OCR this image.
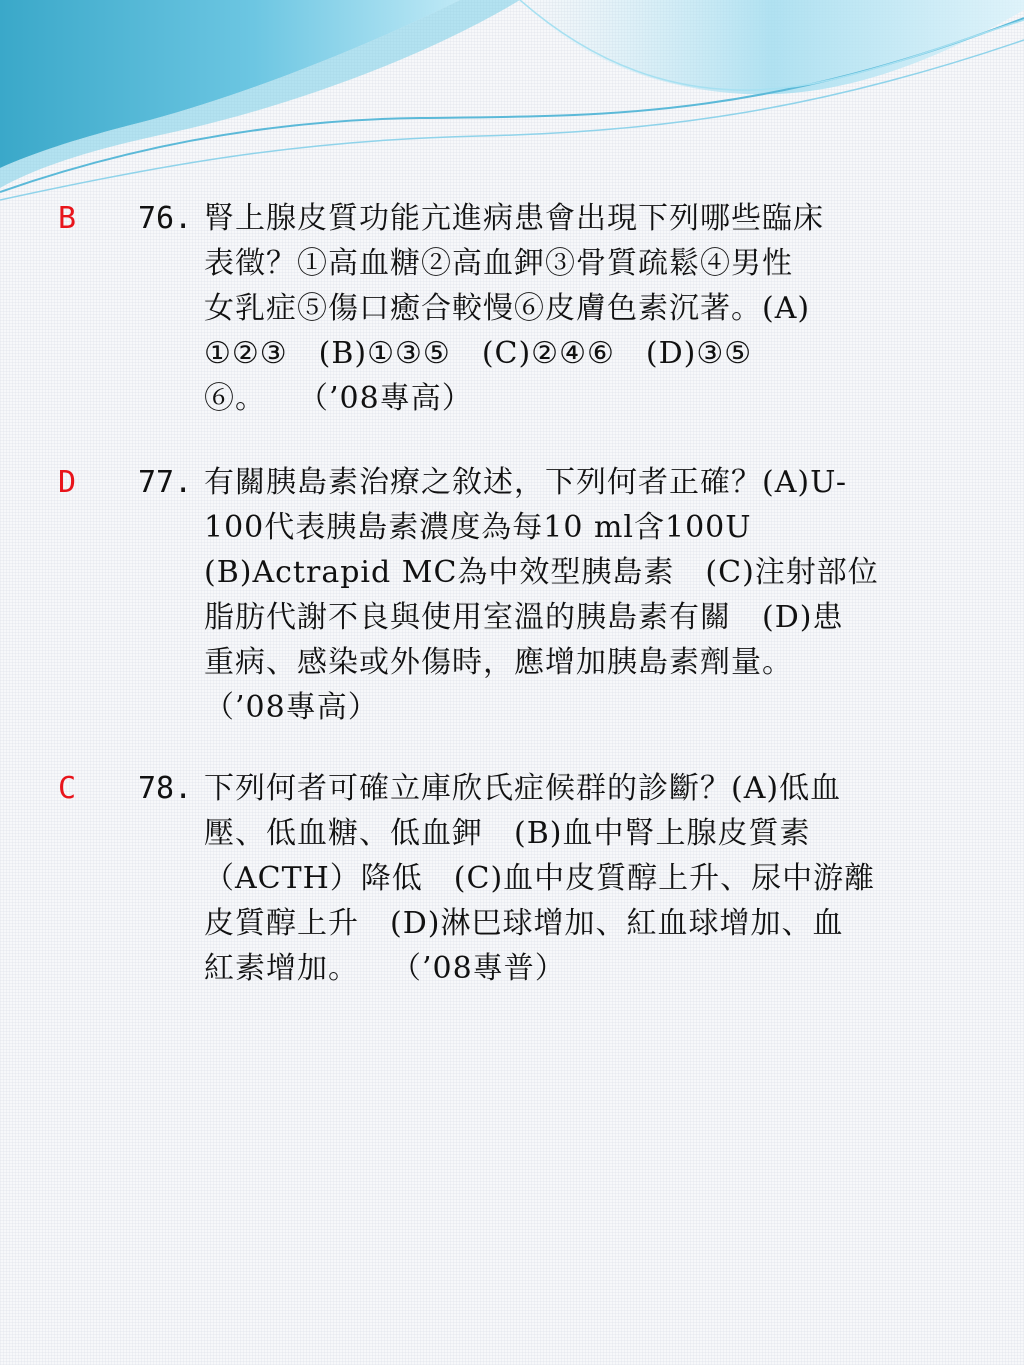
B 76. 腎上腺皮質功能亢進病患會出現下列哪些臨床
表徵？①高血糖②高血鉀③骨質疏鬆④男性
女乳症⑤傷口癒合較慢⑥皮膚色素沉著。(A)
①②③　(B)①③⑤　(C)②④⑥　(D)③⑤
⑥。　　（’08專高）
D 77. 有關胰島素治療之敘述，下列何者正確？(A)U-
100代表胰島素濃度為每10 ml含100U
(B)Actrapid MC為中效型胰島素　(C)注射部位
脂肪代謝不良與使用室溫的胰島素有關　(D)患
重病、感染或外傷時，應增加胰島素劑量。
（’08專高）
C 78. 下列何者可確立庫欣氏症候群的診斷？(A)低血
壓、低血糖、低血鉀　(B)血中腎上腺皮質素
（ACTH）降低　(C)血中皮質醇上升、尿中游離
皮質醇上升　(D)淋巴球增加、紅血球增加、血
紅素增加。　　（’08專普）
